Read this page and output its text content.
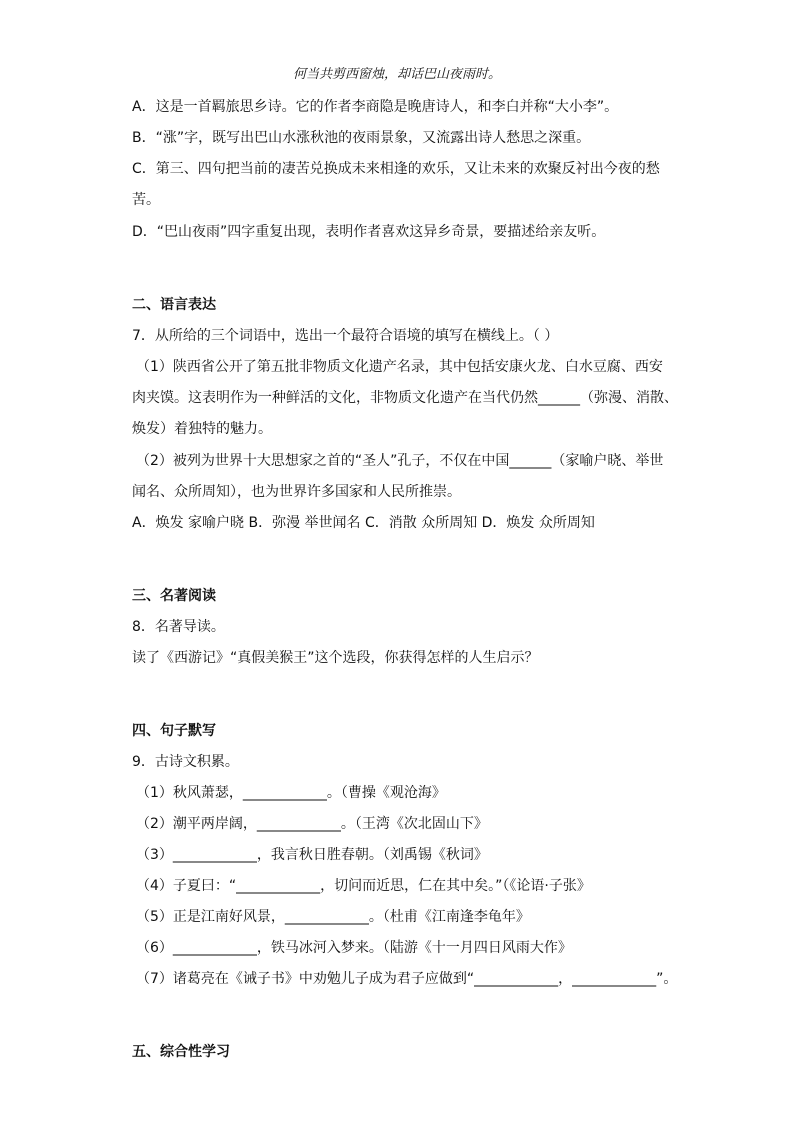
何当共剪西窗烛，却话巴山夜雨时。
A．这是一首羁旅思乡诗。它的作者李商隐是晚唐诗人，和李白并称“大小李”。
B．“涨”字，既写出巴山水涨秋池的夜雨景象，又流露出诗人愁思之深重。
C．第三、四句把当前的凄苦兑换成未来相逢的欢乐，又让未来的欢聚反衬出今夜的愁
苦。
D．“巴山夜雨”四字重复出现，表明作者喜欢这异乡奇景，要描述给亲友听。
二、语言表达
7．从所给的三个词语中，选出一个最符合语境的填写在横线上。（ ）
（1）陕西省公开了第五批非物质文化遗产名录，其中包括安康火龙、白水豆腐、西安
肉夹馍。这表明作为一种鲜活的文化，非物质文化遗产在当代仍然______（弥漫、消散、
焕发）着独特的魅力。
（2）被列为世界十大思想家之首的“圣人”孔子，不仅在中国______（家喻户晓、举世
闻名、众所周知），也为世界许多国家和人民所推崇。
A．焕发 家喻户晓 B．弥漫 举世闻名 C．消散 众所周知 D．焕发 众所周知
三、名著阅读
8．名著导读。
读了《西游记》“真假美猴王”这个选段，你获得怎样的人生启示？
四、句子默写
9．古诗文积累。
（1）秋风萧瑟，____________。（曹操《观沧海》
（2）潮平两岸阔，____________。（王湾《次北固山下》
（3）____________，我言秋日胜春朝。（刘禹锡《秋词》
（4）子夏曰：“____________，切问而近思，仁在其中矣。”（《论语·子张》
（5）正是江南好风景，____________。（杜甫《江南逢李龟年》
（6）____________，铁马冰河入梦来。（陆游《十一月四日风雨大作》
（7）诸葛亮在《诫子书》中劝勉儿子成为君子应做到“____________，____________”。
五、综合性学习
